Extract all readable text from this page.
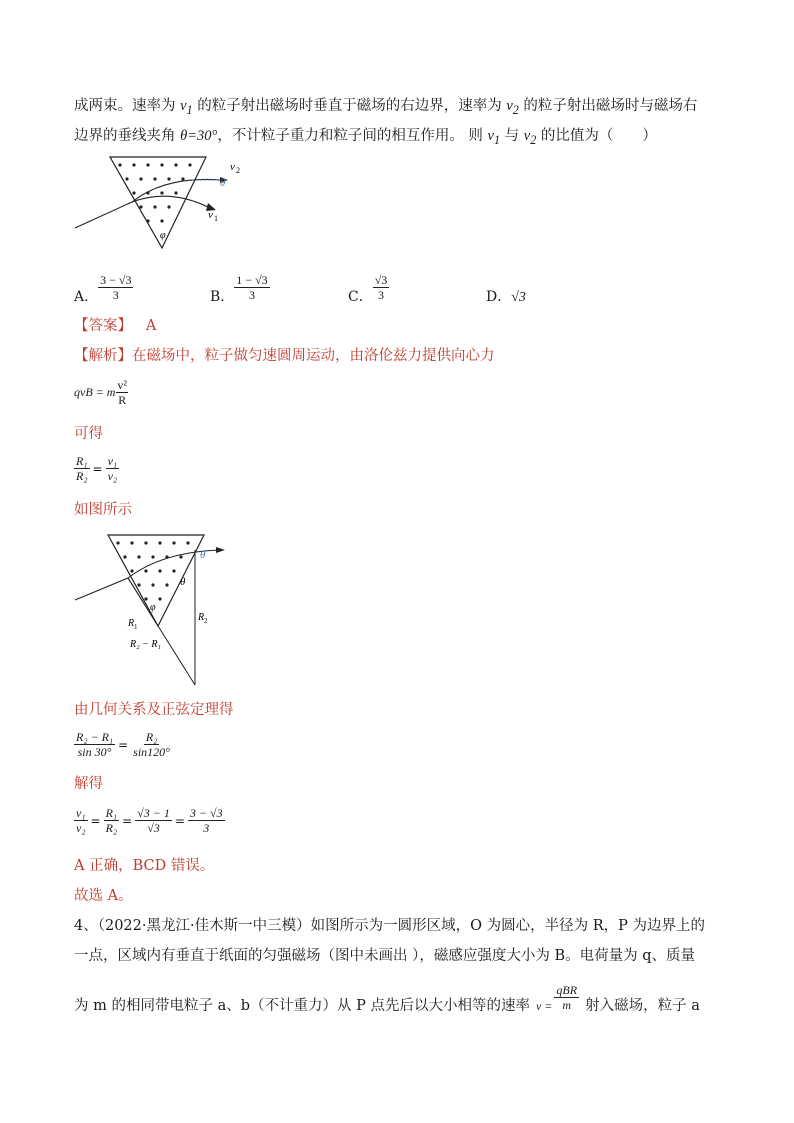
成两束。速率为 $v_1$ 的粒子射出磁场时垂直于磁场的右边界，速率为 $v_2$ 的粒子射出磁场时与磁场右
边界的垂线夹角 θ=30°，不计粒子重力和粒子间的相互作用。 则 $v_1$ 与 $v_2$ 的比值为（　　）
v 2
θ
v 1
φ
A． $\frac{3 - √3}{3}$	B． $\frac{1 - √3}{3}$	C． $\frac{√3}{3}$	D．√3
【答案】 A
【解析】在磁场中，粒子做匀速圆周运动，由洛伦兹力提供向心力
qvB = m $\frac{\text{v²}}{R}$
可得
$\frac{\text{R₁}}{\text{R₂}} = \frac{\text{v₁}}{\text{v₂}}$
如图所示
θ
θ
R 1
φ
R 2
R₂ − R₁
由几何关系及正弦定理得
$\frac{\text{R₂ − R₁}}{\sin 30^\circ} = \frac{\text{R₂}}{\sin 120^\circ}$
解得
$\frac{\text{v₁}}{\text{v₂}} = \frac{\text{R₁}}{\text{R₂}} = \frac{√3 - 1}{√3} = \frac{3 - √3}{3}$
A 正确，BCD 错误。
故选 A。
4、（2022·黑龙江·佳木斯一中三模）如图所示为一圆形区域，O 为圆心，半径为 R，P 为边界上的
一点，区域内有垂直于纸面的匀强磁场（图中未画出 ），磁感应强度大小为 B。电荷量为 q、质量
为 m 的相同带电粒子 a、b（不计重力）从 P 点先后以大小相等的速率 $v = \frac{\text{qBR}}{m}$ 射入磁场，粒子 a
